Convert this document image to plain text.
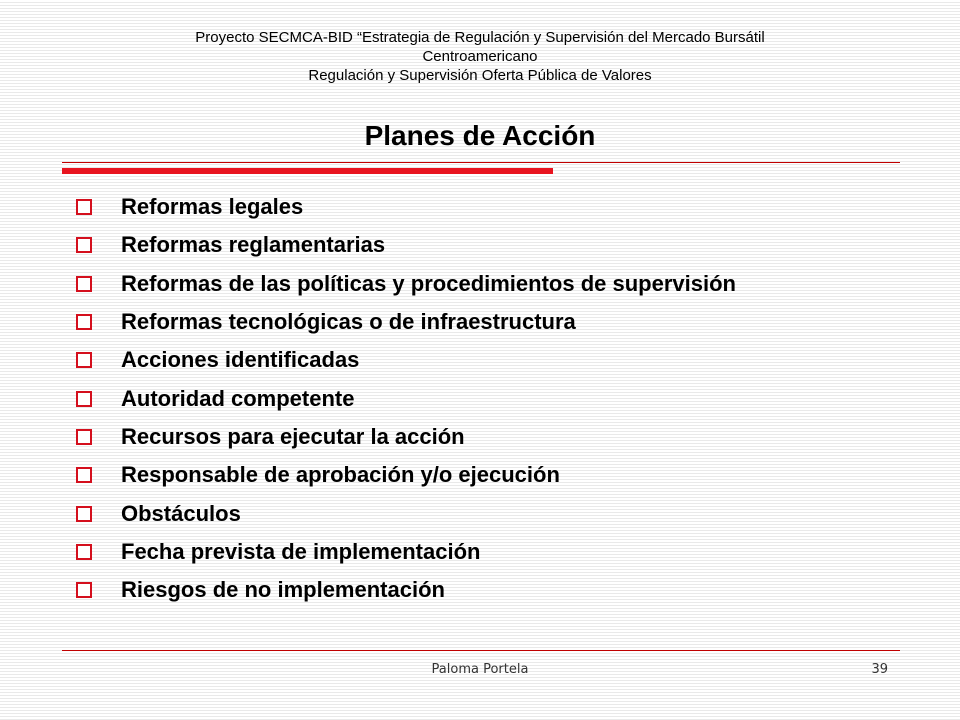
Proyecto SECMCA-BID “Estrategia de Regulación y Supervisión del Mercado Bursátil
Centroamericano
Regulación y Supervisión Oferta Pública de Valores
Planes de Acción
Reformas legales
Reformas reglamentarias
Reformas de las políticas y procedimientos de supervisión
Reformas tecnológicas o de infraestructura
Acciones identificadas
Autoridad competente
Recursos para ejecutar la acción
Responsable de aprobación y/o ejecución
Obstáculos
Fecha prevista de implementación
Riesgos de no implementación
Paloma Portela	39
